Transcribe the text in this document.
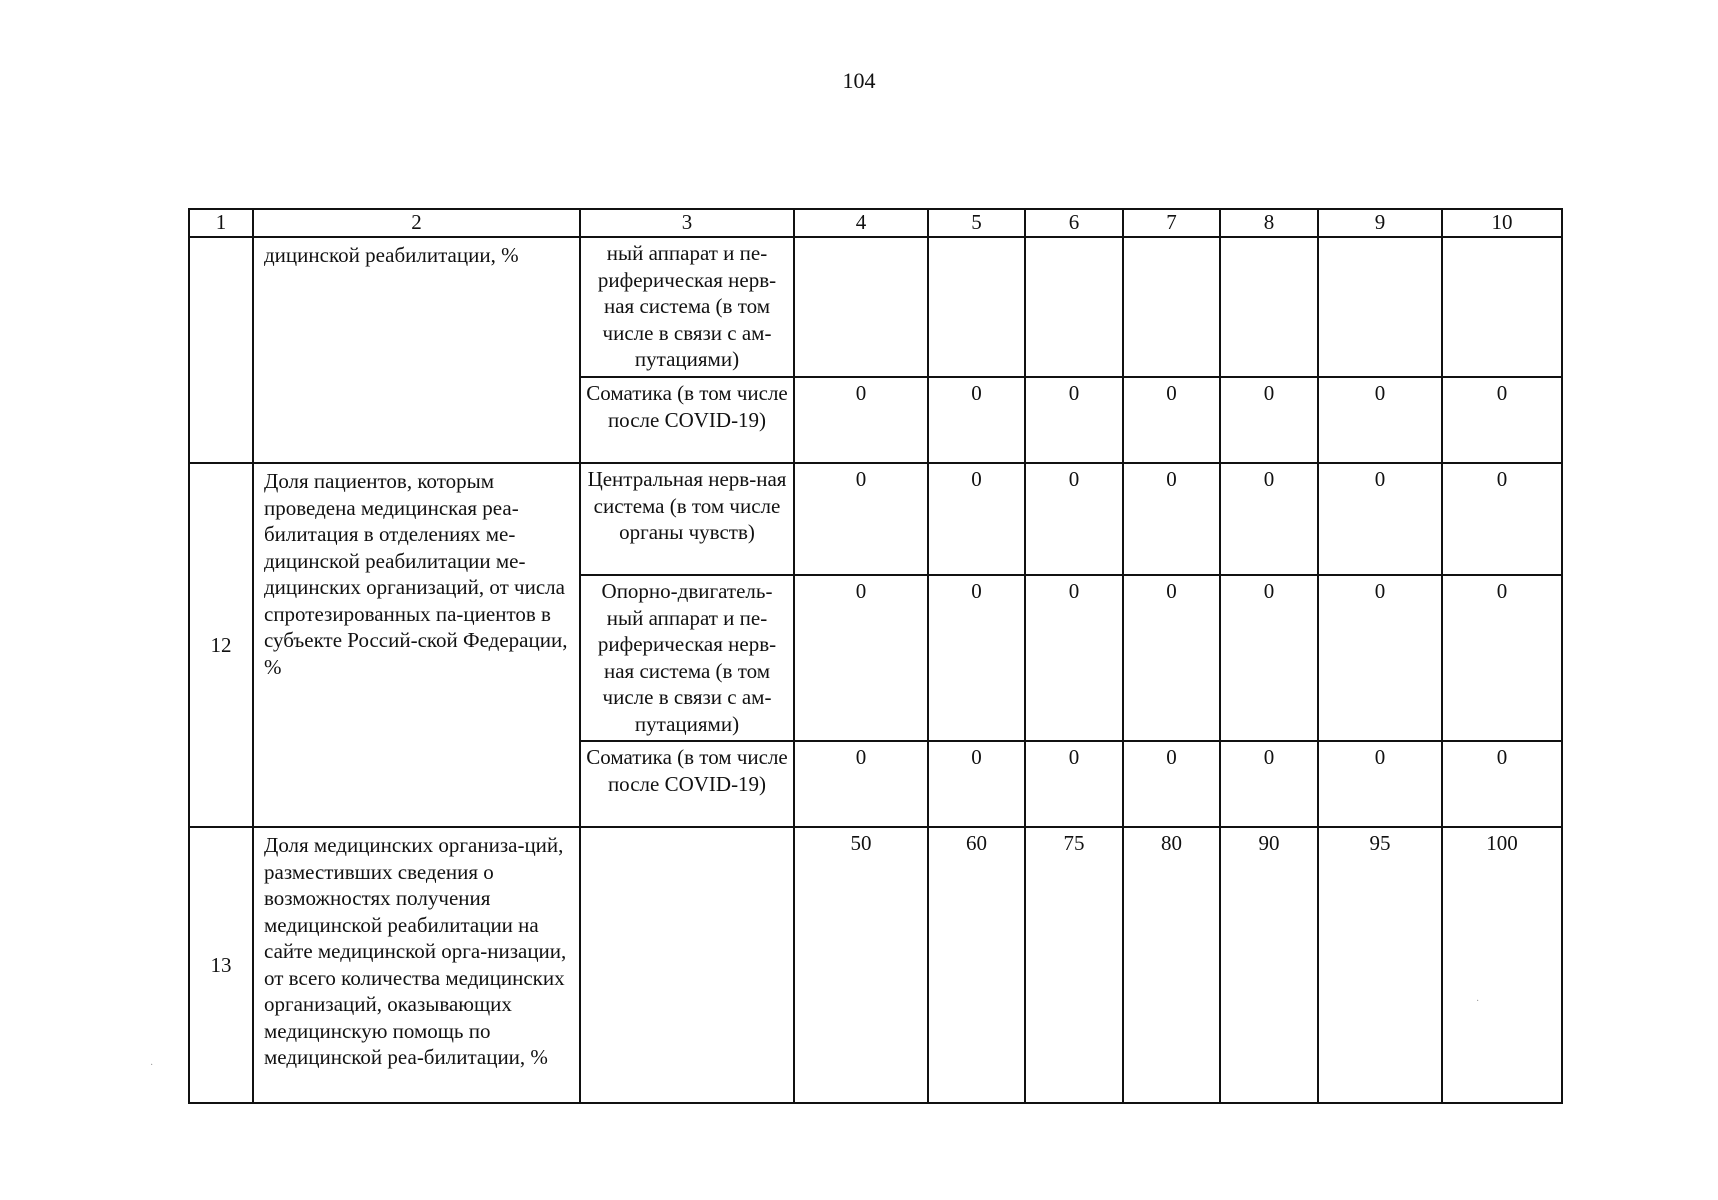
104
1	2	3	4	5	6	7	8	9	10
	дицинской реабилитации, %	ный аппарат и пе-риферическая нерв-ная система (в том числе в связи с ам-путациями)							
		Соматика (в том числе после COVID-19)	0	0	0	0	0	0	0
12	Доля пациентов, которым проведена медицинская реа-билитация в отделениях ме-дицинской реабилитации ме-дицинских организаций, от числа спротезированных па-циентов в субъекте Россий-ской Федерации, %	Центральная нерв-ная система (в том числе органы чувств)	0	0	0	0	0	0	0
		Опорно-двигатель-ный аппарат и пе-риферическая нерв-ная система (в том числе в связи с ам-путациями)	0	0	0	0	0	0	0
		Соматика (в том числе после COVID-19)	0	0	0	0	0	0	0
13	Доля медицинских организа-ций, разместивших сведения о возможностях получения медицинской реабилитации на сайте медицинской орга-низации, от всего количества медицинских организаций, оказывающих медицинскую помощь по медицинской реа-билитации, %		50	60	75	80	90	95	100
·
·
